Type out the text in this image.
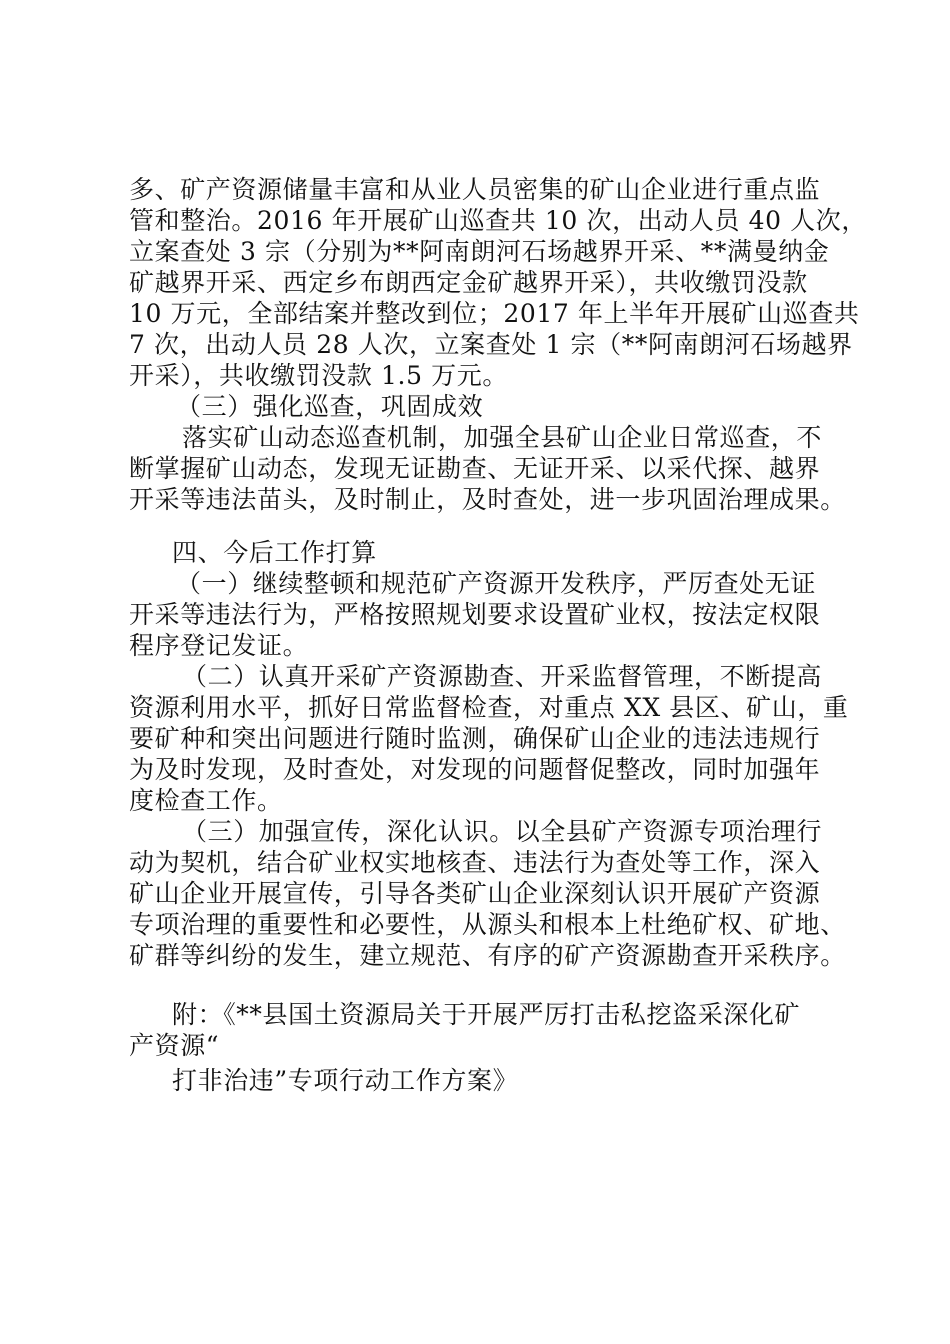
多、矿产资源储量丰富和从业人员密集的矿山企业进行重点监
管和整治。2016 年开展矿山巡查共 10 次，出动人员 40 人次，
立案查处 3 宗（分别为**阿南朗河石场越界开采、**满曼纳金
矿越界开采、西定乡布朗西定金矿越界开采），共收缴罚没款
10 万元，全部结案并整改到位；2017 年上半年开展矿山巡查共
7 次，出动人员 28 人次，立案查处 1 宗（**阿南朗河石场越界
开采），共收缴罚没款 1.5 万元。
（三）强化巡查，巩固成效
落实矿山动态巡查机制，加强全县矿山企业日常巡查，不
断掌握矿山动态，发现无证勘查、无证开采、以采代探、越界
开采等违法苗头，及时制止，及时查处，进一步巩固治理成果。
四、今后工作打算
（一）继续整顿和规范矿产资源开发秩序，严厉查处无证
开采等违法行为，严格按照规划要求设置矿业权，按法定权限
程序登记发证。
（二）认真开采矿产资源勘查、开采监督管理，不断提高
资源利用水平，抓好日常监督检查，对重点 XX 县区、矿山，重
要矿种和突出问题进行随时监测，确保矿山企业的违法违规行
为及时发现，及时查处，对发现的问题督促整改，同时加强年
度检查工作。
（三）加强宣传，深化认识。以全县矿产资源专项治理行
动为契机，结合矿业权实地核查、违法行为查处等工作，深入
矿山企业开展宣传，引导各类矿山企业深刻认识开展矿产资源
专项治理的重要性和必要性，从源头和根本上杜绝矿权、矿地、
矿群等纠纷的发生，建立规范、有序的矿产资源勘查开采秩序。
附：《**县国土资源局关于开展严厉打击私挖盗采深化矿
产资源“
打非治违”专项行动工作方案》
